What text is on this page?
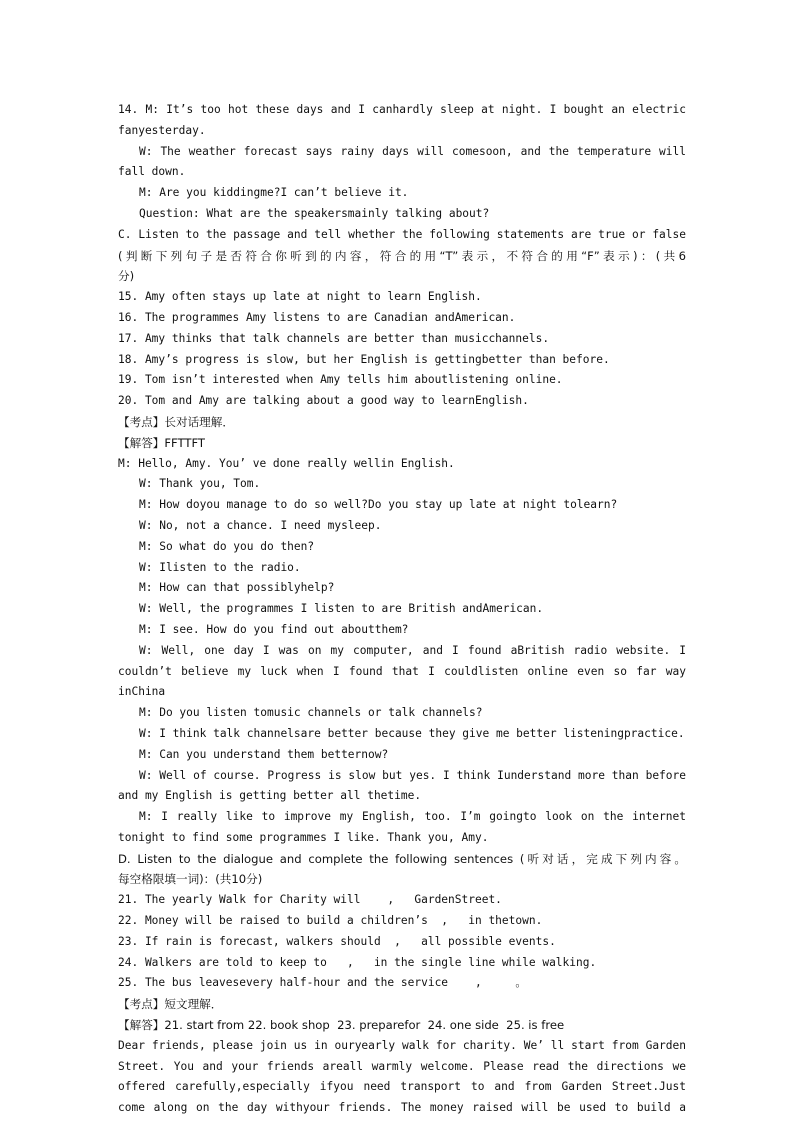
14. M: It’s too hot these days and I canhardly sleep at night. I bought an electric
fanyesterday.
W: The weather forecast says rainy days will comesoon, and the temperature will
fall down.
M: Are you kiddingme?I can’t believe it.
Question: What are the speakersmainly talking about?
C. Listen to the passage and tell whether the following statements are true or false
(判断下列句子是否符合你听到的内容，符合的用“T”表示，不符合的用“F”表示)：(共6
分)
15. Amy often stays up late at night to learn English.
16. The programmes Amy listens to are Canadian andAmerican.
17. Amy thinks that talk channels are better than musicchannels.
18. Amy’s progress is slow, but her English is gettingbetter than before.
19. Tom isn’t interested when Amy tells him aboutlistening online.
20. Tom and Amy are talking about a good way to learnEnglish.
【考点】长对话理解．
【解答】FFTTFT
M: Hello, Amy. You’ ve done really wellin English.
W: Thank you, Tom.
M: How doyou manage to do so well?Do you stay up late at night tolearn?
W: No, not a chance. I need mysleep.
M: So what do you do then?
W: Ilisten to the radio.
M: How can that possiblyhelp?
W: Well, the programmes I listen to are British andAmerican.
M: I see. How do you find out aboutthem?
W: Well, one day I was on my computer, and I found aBritish radio website. I
couldn’t believe my luck when I found that I couldlisten online even so far way inChina
M: Do you listen tomusic channels or talk channels?
W: I think talk channelsare better because they give me better listeningpractice.
M: Can you understand them betternow?
W: Well of course. Progress is slow but yes. I think Iunderstand more than before
and my English is getting better all thetime.
M: I really like to improve my English, too. I’m goingto look on the internet
tonight to find some programmes I like. Thank you, Amy.
D. Listen to the dialogue and complete the following sentences (听对话，完成下列内容。
每空格限填一词)：(共10分)
21. The yearly Walk for Charity will    ,   GardenStreet.
22. Money will be raised to build a children’s  ,   in thetown.
23. If rain is forecast, walkers should  ,   all possible events.
24. Walkers are told to keep to   ,   in the single line while walking.
25. The bus leavesevery half-hour and the service    ,     。
【考点】短文理解．
【解答】21. start from 22. book shop  23. preparefor  24. one side  25. is free
Dear friends, please join us in ouryearly walk for charity. We’ ll start from Garden
Street. You and your friends areall warmly welcome. Please read the directions we
offered carefully,especially ifyou need transport to and from Garden Street.Just
come along on the day withyour friends. The money raised will be used to build a
